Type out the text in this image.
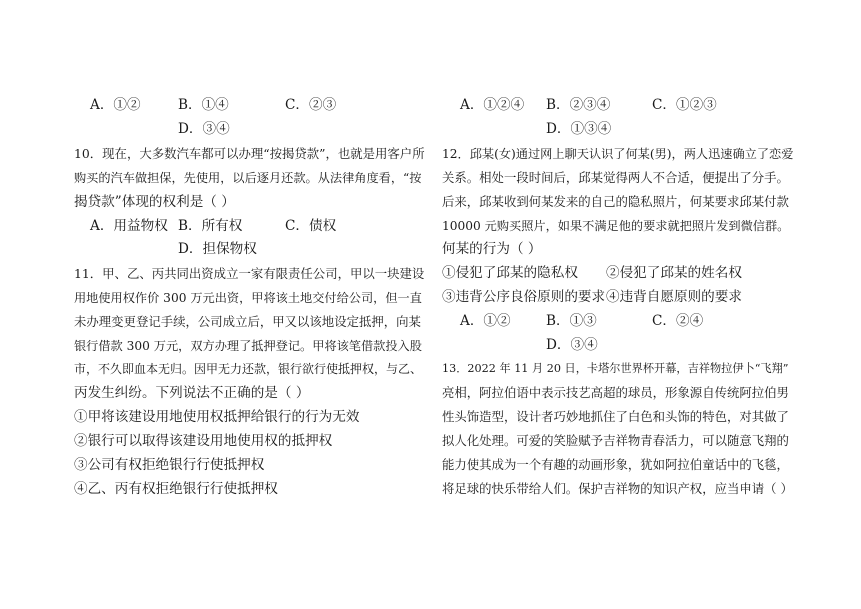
A．①②	B．①④	C．②③
D．③④
10．现在，大多数汽车都可以办理“按揭贷款”，也就是用客户所
购买的汽车做担保，先使用，以后逐月还款。从法律角度看，“按
揭贷款”体现的权利是（ ）
A．用益物权 B．所有权	C．债权
D．担保物权
11．甲、乙、丙共同出资成立一家有限责任公司，甲以一块建设
用地使用权作价 300 万元出资，甲将该土地交付给公司，但一直
未办理变更登记手续，公司成立后，甲又以该地设定抵押，向某
银行借款 300 万元，双方办理了抵押登记。甲将该笔借款投入股
市，不久即血本无归。因甲无力还款，银行欲行使抵押权，与乙、
丙发生纠纷。下列说法不正确的是（ ）
①甲将该建设用地使用权抵押给银行的行为无效
②银行可以取得该建设用地使用权的抵押权
③公司有权拒绝银行行使抵押权
④乙、丙有权拒绝银行行使抵押权
A．①②④ B．②③④	C．①②③
D．①③④
12．邱某(女)通过网上聊天认识了何某(男)，两人迅速确立了恋爱
关系。相处一段时间后，邱某觉得两人不合适，便提出了分手。
后来，邱某收到何某发来的自己的隐私照片，何某要求邱某付款
10000 元购买照片，如果不满足他的要求就把照片发到微信群。
何某的行为（ ）
①侵犯了邱某的隐私权 ②侵犯了邱某的姓名权
③违背公序良俗原则的要求 ④违背自愿原则的要求
A．①②	B．①③	C．②④
D．③④
13．2022 年 11 月 20 日，卡塔尔世界杯开幕，吉祥物拉伊卜“飞翔”
亮相，阿拉伯语中表示技艺高超的球员，形象源自传统阿拉伯男
性头饰造型，设计者巧妙地抓住了白色和头饰的特色，对其做了
拟人化处理。可爱的笑脸赋予吉祥物青春活力，可以随意飞翔的
能力使其成为一个有趣的动画形象，犹如阿拉伯童话中的飞毯，
将足球的快乐带给人们。保护吉祥物的知识产权，应当申请（ ）
